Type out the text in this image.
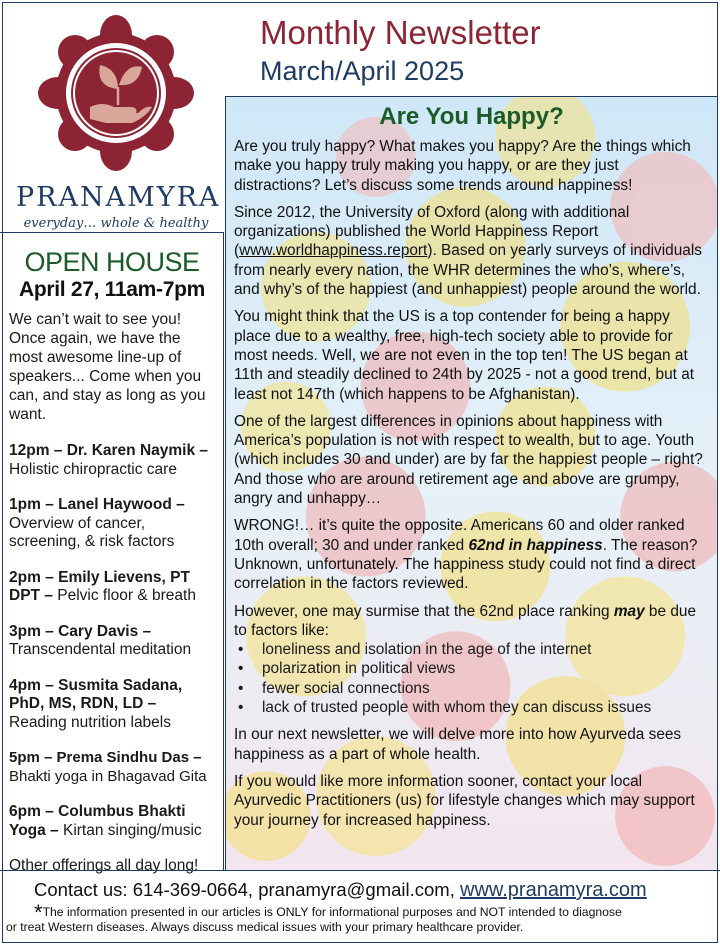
PRANAMYRA
everyday… whole & healthy
Monthly Newsletter
March/April 2025
OPEN HOUSE
April 27, 11am-7pm
We can’t wait to see you! Once again, we have the most awesome line-up of speakers... Come when you can, and stay as long as you want.
12pm – Dr. Karen Naymik – Holistic chiropractic care
1pm – Lanel Haywood – Overview of cancer, screening, & risk factors
2pm – Emily Lievens, PT DPT – Pelvic floor & breath
3pm – Cary Davis – Transcendental meditation
4pm – Susmita Sadana, PhD, MS, RDN, LD – Reading nutrition labels
5pm – Prema Sindhu Das – Bhakti yoga in Bhagavad Gita
6pm – Columbus Bhakti Yoga – Kirtan singing/music
Other offerings all day long!
Are You Happy?

Are you truly happy? What makes you happy? Are the things which make you happy truly making you happy, or are they just distractions? Let’s discuss some trends around happiness!

Since 2012, the University of Oxford (along with additional organizations) published the World Happiness Report (www.worldhappiness.report). Based on yearly surveys of individuals from nearly every nation, the WHR determines the who’s, where’s, and why’s of the happiest (and unhappiest) people around the world.

You might think that the US is a top contender for being a happy place due to a wealthy, free, high-tech society able to provide for most needs. Well, we are not even in the top ten! The US began at 11th and steadily declined to 24th by 2025 - not a good trend, but at least not 147th (which happens to be Afghanistan).

One of the largest differences in opinions about happiness with America’s population is not with respect to wealth, but to age. Youth (which includes 30 and under) are by far the happiest people – right? And those who are around retirement age and above are grumpy, angry and unhappy…

WRONG!… it’s quite the opposite. Americans 60 and older ranked 10th overall; 30 and under ranked 62nd in happiness. The reason? Unknown, unfortunately. The happiness study could not find a direct correlation in the factors reviewed.

However, one may surmise that the 62nd place ranking may be due to factors like:

• loneliness and isolation in the age of the internet
• polarization in political views
• fewer social connections
• lack of trusted people with whom they can discuss issues

In our next newsletter, we will delve more into how Ayurveda sees happiness as a part of whole health.

If you would like more information sooner, contact your local Ayurvedic Practitioners (us) for lifestyle changes which may support your journey for increased happiness.

Contact us: 614-369-0664, pranamyra@gmail.com, www.pranamyra.com
*The information presented in our articles is ONLY for informational purposes and NOT intended to diagnose
or treat Western diseases. Always discuss medical issues with your primary healthcare provider.
